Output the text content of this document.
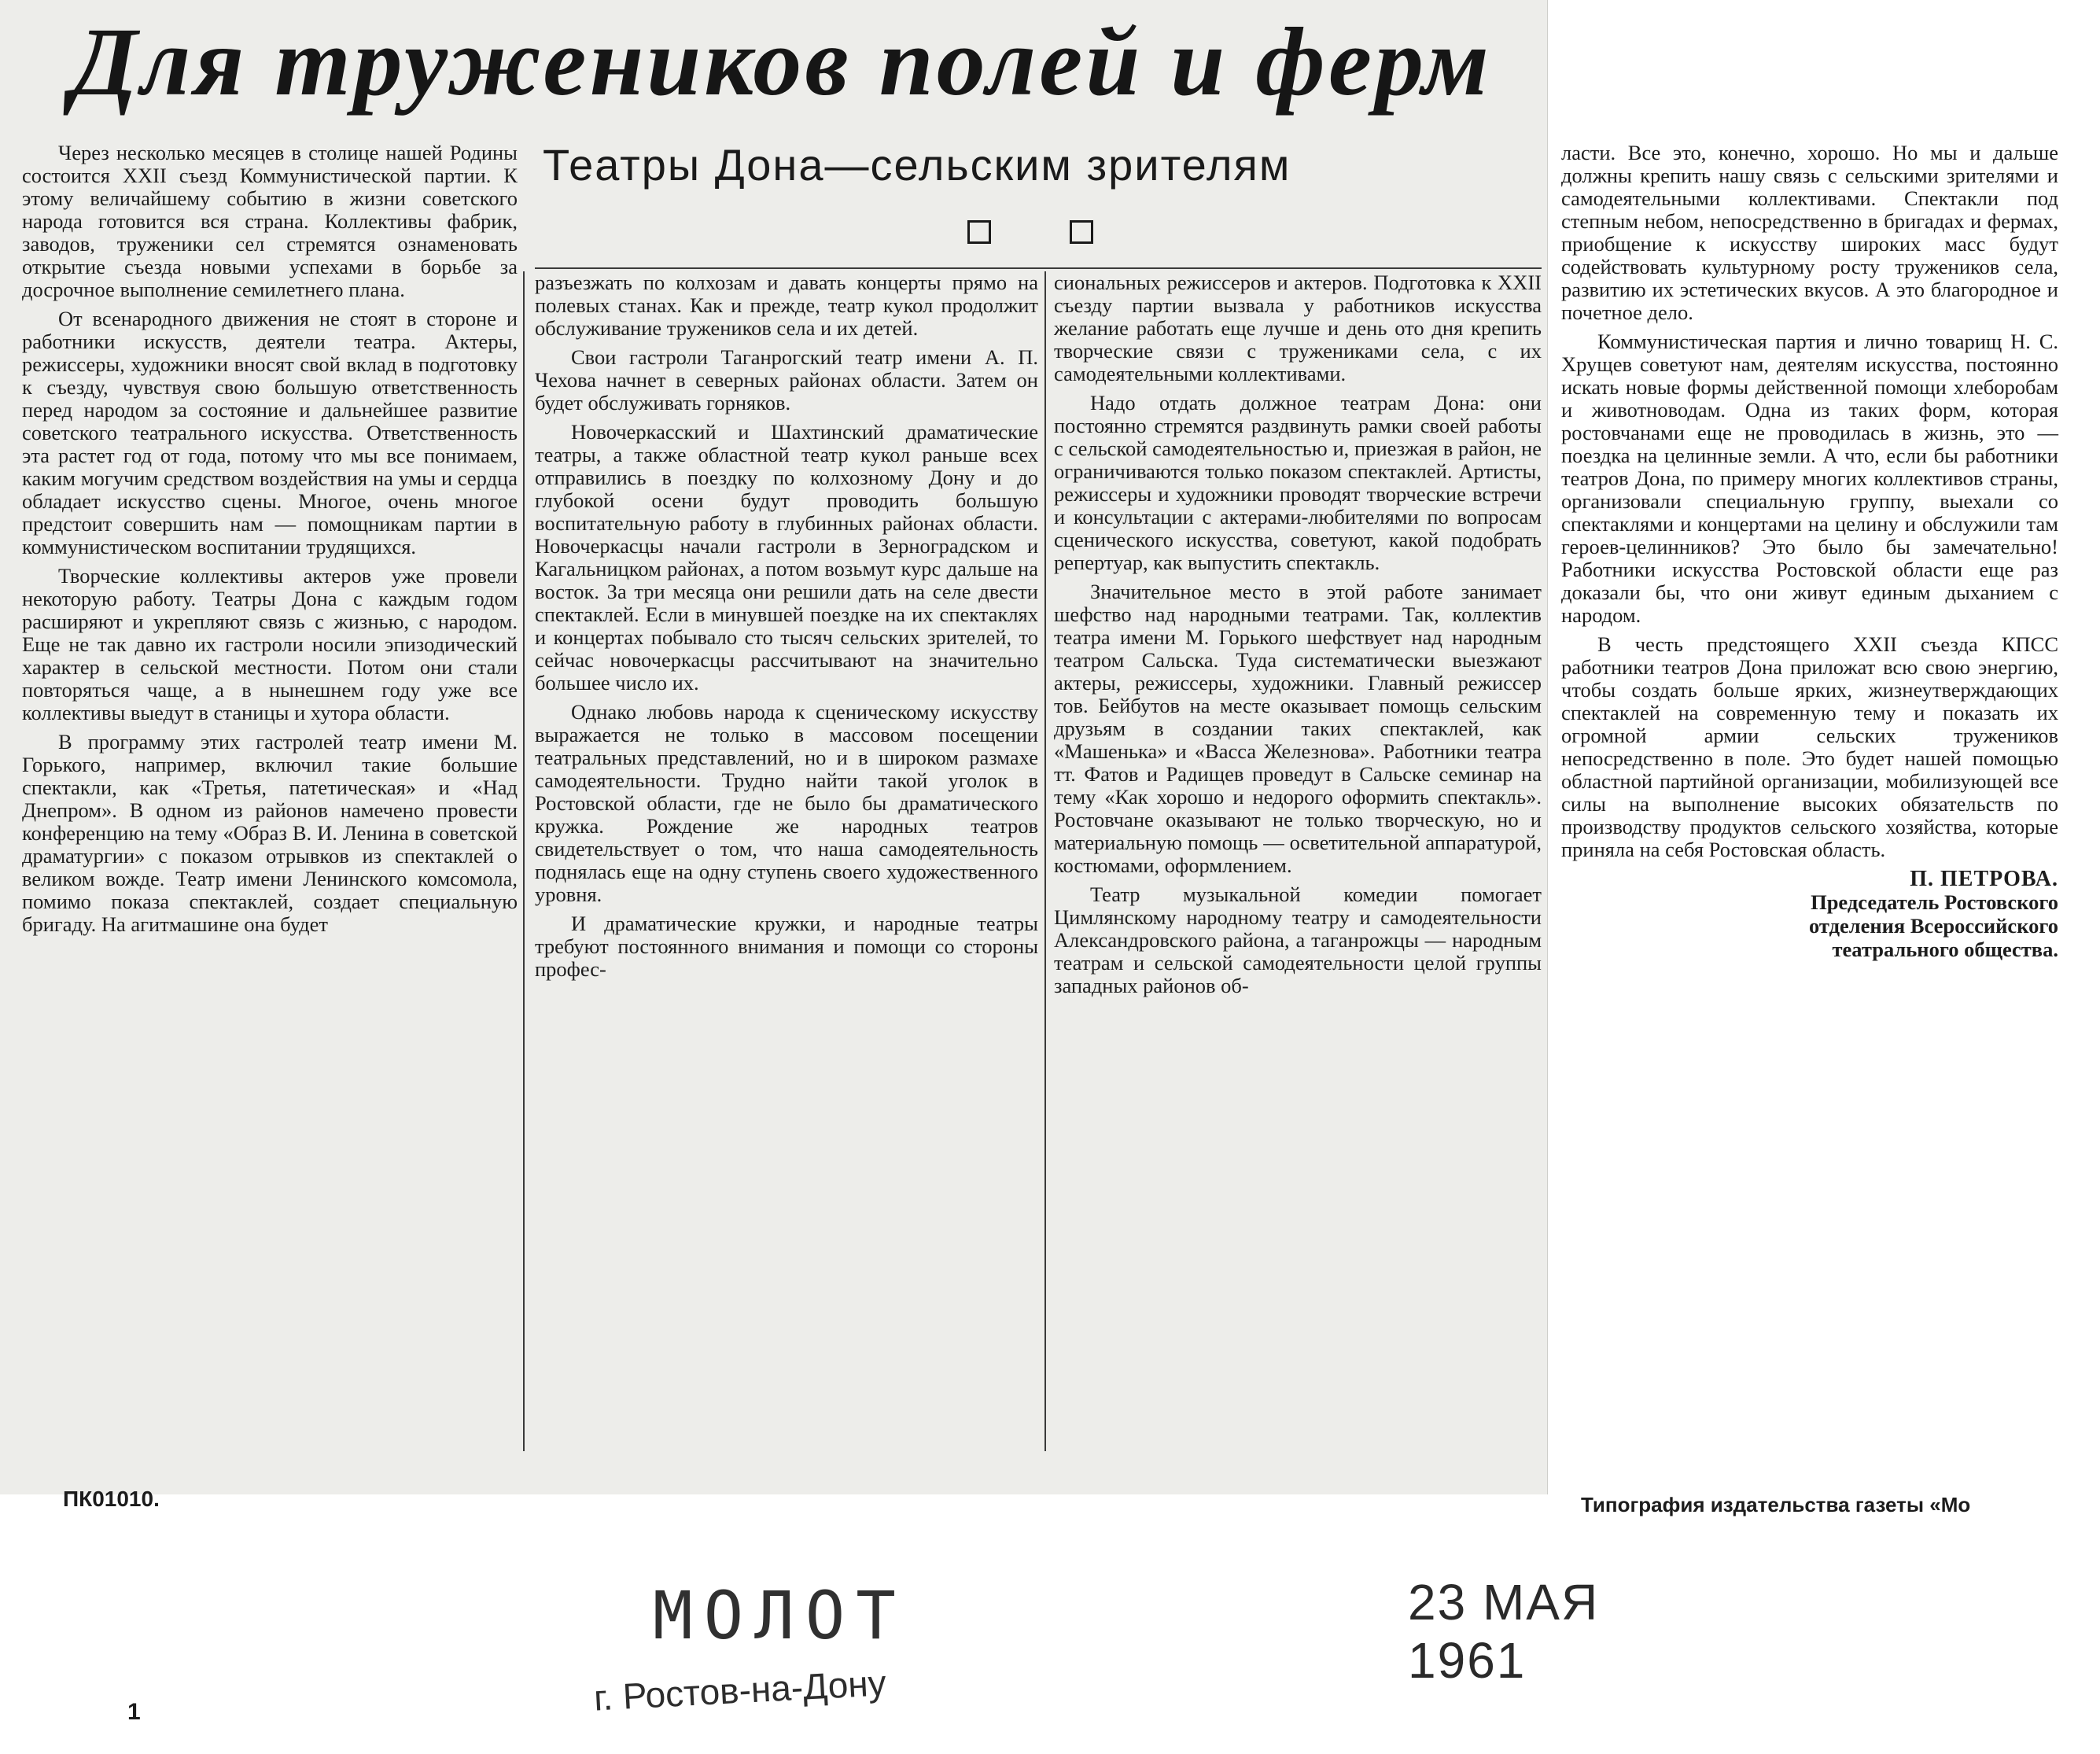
Для тружеников полей и ферм
Театры Дона—сельским зрителям

Через несколько месяцев в столице нашей Родины состоится XXII съезд Коммунистической партии. К этому величайшему событию в жизни советского народа готовится вся страна. Коллективы фабрик, заводов, труженики сел стремятся ознаменовать открытие съезда новыми успехами в борьбе за досрочное выполнение семилетнего плана.

От всенародного движения не стоят в стороне и работники искусств, деятели театра. Актеры, режиссеры, художники вносят свой вклад в подготовку к съезду, чувствуя свою большую ответственность перед народом за состояние и дальнейшее развитие советского театрального искусства. Ответственность эта растет год от года, потому что мы все понимаем, каким могучим средством воздействия на умы и сердца обладает искусство сцены. Многое, очень многое предстоит совершить нам — помощникам партии в коммунистическом воспитании трудящихся.

Творческие коллективы актеров уже провели некоторую работу. Театры Дона с каждым годом расширяют и укрепляют связь с жизнью, с народом. Еще не так давно их гастроли носили эпизодический характер в сельской местности. Потом они стали повторяться чаще, а в нынешнем году уже все коллективы выедут в станицы и хутора области.

В программу этих гастролей театр имени М. Горького, например, включил такие большие спектакли, как «Третья, патетическая» и «Над Днепром». В одном из районов намечено провести конференцию на тему «Образ В. И. Ленина в советской драматургии» с показом отрывков из спектаклей о великом вожде. Театр имени Ленинского комсомола, помимо показа спектаклей, создает специальную бригаду. На агитмашине она будет

разъезжать по колхозам и давать концерты прямо на полевых станах. Как и прежде, театр кукол продолжит обслуживание тружеников села и их детей.

Свои гастроли Таганрогский театр имени А. П. Чехова начнет в северных районах области. Затем он будет обслуживать горняков.

Новочеркасский и Шахтинский драматические театры, а также областной театр кукол раньше всех отправились в поездку по колхозному Дону и до глубокой осени будут проводить большую воспитательную работу в глубинных районах области. Новочеркасцы начали гастроли в Зерноградском и Кагальницком районах, а потом возьмут курс дальше на восток. За три месяца они решили дать на селе двести спектаклей. Если в минувшей поездке на их спектаклях и концертах побывало сто тысяч сельских зрителей, то сейчас новочеркасцы рассчитывают на значительно большее число их.

Однако любовь народа к сценическому искусству выражается не только в массовом посещении театральных представлений, но и в широком размахе самодеятельности. Трудно найти такой уголок в Ростовской области, где не было бы драматического кружка. Рождение же народных театров свидетельствует о том, что наша самодеятельность поднялась еще на одну ступень своего художественного уровня.

И драматические кружки, и народные театры требуют постоянного внимания и помощи со стороны профес-

сиональных режиссеров и актеров. Подготовка к XXII съезду партии вызвала у работников искусства желание работать еще лучше и день ото дня крепить творческие связи с тружениками села, с их самодеятельными коллективами.

Надо отдать должное театрам Дона: они постоянно стремятся раздвинуть рамки своей работы с сельской самодеятельностью и, приезжая в район, не ограничиваются только показом спектаклей. Артисты, режиссеры и художники проводят творческие встречи и консультации с актерами-любителями по вопросам сценического искусства, советуют, какой подобрать репертуар, как выпустить спектакль.

Значительное место в этой работе занимает шефство над народными театрами. Так, коллектив театра имени М. Горького шефствует над народным театром Сальска. Туда систематически выезжают актеры, режиссеры, художники. Главный режиссер тов. Бейбутов на месте оказывает помощь сельским друзьям в создании таких спектаклей, как «Машенька» и «Васса Железнова». Работники театра тт. Фатов и Радищев проведут в Сальске семинар на тему «Как хорошо и недорого оформить спектакль». Ростовчане оказывают не только творческую, но и материальную помощь — осветительной аппаратурой, костюмами, оформлением.

Театр музыкальной комедии помогает Цимлянскому народному театру и самодеятельности Александровского района, а таганрожцы — народным театрам и сельской самодеятельности целой группы западных районов об-

ласти. Все это, конечно, хорошо. Но мы и дальше должны крепить нашу связь с сельскими зрителями и самодеятельными коллективами. Спектакли под степным небом, непосредственно в бригадах и фермах, приобщение к искусству широких масс будут содействовать культурному росту тружеников села, развитию их эстетических вкусов. А это благородное и почетное дело.

Коммунистическая партия и лично товарищ Н. С. Хрущев советуют нам, деятелям искусства, постоянно искать новые формы действенной помощи хлеборобам и животноводам. Одна из таких форм, которая ростовчанами еще не проводилась в жизнь, это — поездка на целинные земли. А что, если бы работники театров Дона, по примеру многих коллективов страны, организовали специальную группу, выехали со спектаклями и концертами на целину и обслужили там героев-целинников? Это было бы замечательно! Работники искусства Ростовской области еще раз доказали бы, что они живут единым дыханием с народом.

В честь предстоящего XXII съезда КПСС работники театров Дона приложат всю свою энергию, чтобы создать больше ярких, жизнеутверждающих спектаклей на современную тему и показать их огромной армии сельских тружеников непосредственно в поле. Это будет нашей помощью областной партийной организации, мобилизующей все силы на выполнение высоких обязательств по производству продуктов сельского хозяйства, которые приняла на себя Ростовская область.

П. ПЕТРОВА.
Председатель Ростовского
отделения Всероссийского
театрального общества.
ПК01010.	Типография издательства газеты «Мо
МОЛОТ
г. Ростов-на-Дону
23 МАЯ 1961
1
